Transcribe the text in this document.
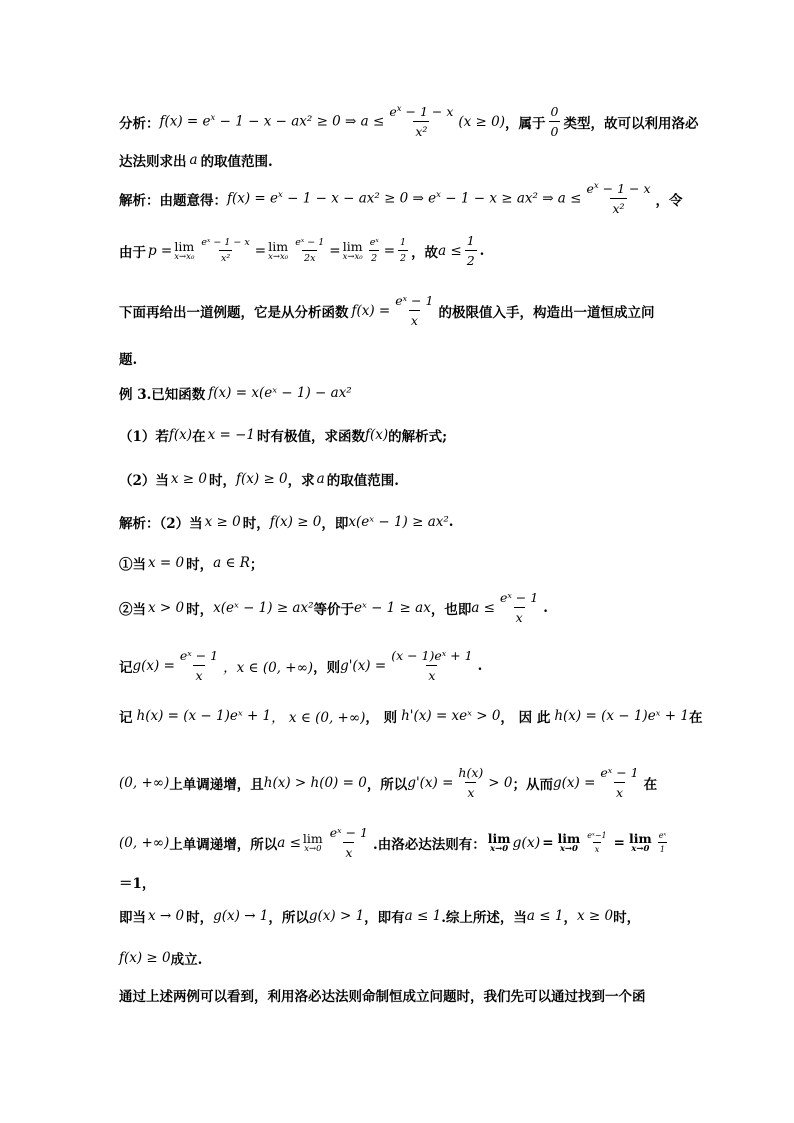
分析： $f(x) = e^x - 1 - x - ax^2 \ge 0$ ⇒ $a \le \frac{e^x - 1 - x}{\text{x²}} (x \ge 0)$ ，属于
0
0 类型，故可以利用洛必
达法则求出 a 的取值范围.
解析：由题意得： $f(x) = e^x - 1 - x - ax^2 \ge 0$ ⇒ $e^x - 1 - x \ge ax^2$ ⇒ $a \le \frac{e^x - 1 - x}{\text{x²}}$ ，令
由于 p = lim
$x\to x_0 \frac{\text{eˣ − 1 − x}}{\text{x²}} = \lim$
$x\to x_0 \frac{\text{eˣ − 1}}{2x} = \lim$
$x\to x_0 \frac{\text{eˣ}}{2} = \frac{1}{2}$ ，故 $a \le \frac{1}{2}$ .
下面再给出一道例题，它是从分析函数 $f(x) = \frac{\text{eˣ − 1}}{x}$ 的极限值入手，构造出一道恒成立问
题.
例 3.已知函数 f(x) = x(eˣ − 1) − ax²
（1）若 f(x) 在 x = −1 时有极值，求函数 f(x) 的解析式;
（2）当 x ≥ 0 时， f(x) ≥ 0 ，求 a 的取值范围.
解析：（2）当 x ≥ 0 时， f(x) ≥ 0 ，即 x(eˣ − 1) ≥ ax² .
①当 x = 0 时， a ∈ R ；
②当 x > 0 时， x(eˣ − 1) ≥ ax² 等价于 eˣ − 1 ≥ ax ，也即 $a \le \frac{\text{eˣ − 1}}{x}$ .
记 $g(x) = \frac{\text{eˣ − 1}}{x}$ ，x ∈ (0, +∞) ，则 $g'(x) = \frac{\text{(x − 1)eˣ + 1}}{x}$ .
记 h(x) = (x − 1)eˣ + 1 ， x ∈ (0, +∞) ， 则 h'(x) = xeˣ > 0 ， 因 此 h(x) = (x − 1)eˣ + 1 在
(0, +∞) 上单调递增，且 h(x) > h(0) = 0 ，所以 $g'(x) = \frac{h(x)}{x} > 0$ ；从而 $g(x) = \frac{\text{eˣ − 1}}{x}$ 在
(0, +∞) 上单调递增，所以 a ≤ lim
x→0
eˣ − 1
x .由洛必达法则有： lim
x→0 g(x) = lim
$x\to 0 \frac{\text{eˣ−1}}{x} = \lim$
x→0
eˣ
1
＝1，
即当 x → 0 时， g(x) → 1 ，所以 g(x) > 1 ，即有 a ≤ 1 .综上所述，当 a ≤ 1 ， x ≥ 0 时，
f(x) ≥ 0 成立.
通过上述两例可以看到，利用洛必达法则命制恒成立问题时，我们先可以通过找到一个函
